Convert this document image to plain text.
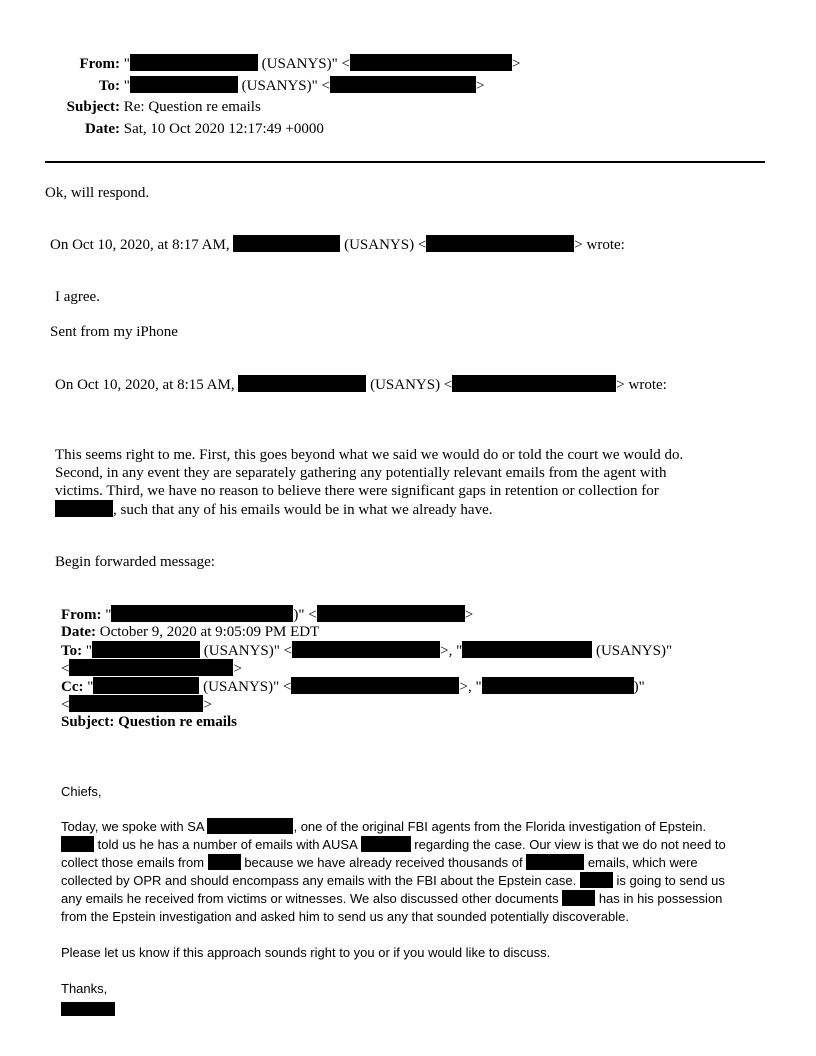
From: "	(USANYS)" <	>
To: "	(USANYS)" <	>
Subject: Re: Question re emails
Date: Sat, 10 Oct 2020 12:17:49 +0000
Ok, will respond.
On Oct 10, 2020, at 8:17 AM,	(USANYS) <	> wrote:
I agree.
Sent from my iPhone
On Oct 10, 2020, at 8:15 AM,	(USANYS) <	> wrote:
This seems right to me. First, this goes beyond what we said we would do or told the court we would do.
Second, in any event they are separately gathering any potentially relevant emails from the agent with
victims. Third, we have no reason to believe there were significant gaps in retention or collection for
, such that any of his emails would be in what we already have.
Begin forwarded message:
From: "	)" <	>
Date: October 9, 2020 at 9:05:09 PM EDT
To: "	(USANYS)" <	>, "	(USANYS)"
<	>
Cc: "	(USANYS)" <	>, "	)"
<	>
Subject: Question re emails
Chiefs,
Today, we spoke with SA	, one of the original FBI agents from the Florida investigation of Epstein.
told us he has a number of emails with AUSA	regarding the case. Our view is that we do not need to
collect those emails from	because we have already received thousands of	emails, which were
collected by OPR and should encompass any emails with the FBI about the Epstein case.	is going to send us
any emails he received from victims or witnesses. We also discussed other documents	has in his possession
from the Epstein investigation and asked him to send us any that sounded potentially discoverable.
Please let us know if this approach sounds right to you or if you would like to discuss.
Thanks,
